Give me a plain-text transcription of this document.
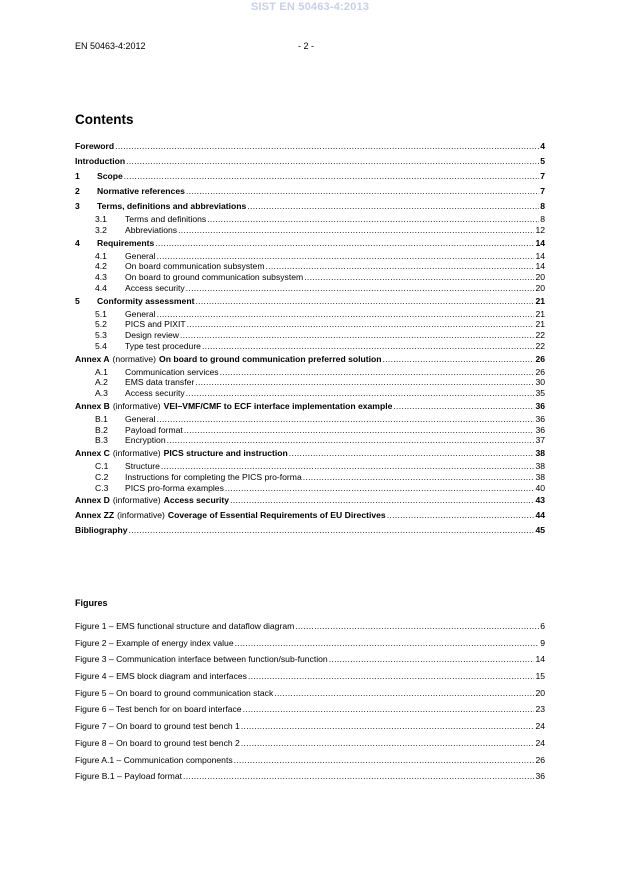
SIST EN 50463-4:2013
EN 50463-4:2012	- 2 -
Contents
Foreword .....	4
Introduction .....	5
1	Scope .....	7
2	Normative references .....	7
3	Terms, definitions and abbreviations .....	8
3.1	Terms and definitions .....	8
3.2	Abbreviations .....	12
4	Requirements .....	14
4.1	General .....	14
4.2	On board communication subsystem .....	14
4.3	On board to ground communication subsystem .....	20
4.4	Access security .....	20
5	Conformity assessment .....	21
5.1	General .....	21
5.2	PICS and PIXIT .....	21
5.3	Design review .....	22
5.4	Type test procedure .....	22
Annex A (normative) On board to ground communication preferred solution .....	26
A.1	Communication services .....	26
A.2	EMS data transfer .....	30
A.3	Access security .....	35
Annex B (informative) VEI–VMF/CMF to ECF interface implementation example .....	36
B.1	General .....	36
B.2	Payload format .....	36
B.3	Encryption .....	37
Annex C (informative) PICS structure and instruction .....	38
C.1	Structure .....	38
C.2	Instructions for completing the PICS pro-forma .....	38
C.3	PICS pro-forma examples .....	40
Annex D (informative) Access security .....	43
Annex ZZ (informative) Coverage of Essential Requirements of EU Directives .....	44
Bibliography .....	45
Figures
Figure 1 – EMS functional structure and dataflow diagram .....	6
Figure 2 – Example of energy index value .....	9
Figure 3 – Communication interface between function/sub-function .....	14
Figure 4 – EMS block diagram and interfaces .....	15
Figure 5 – On board to ground communication stack .....	20
Figure 6 – Test bench for on board interface .....	23
Figure 7 – On board to ground test bench 1 .....	24
Figure 8 – On board to ground test bench 2 .....	24
Figure A.1 – Communication components .....	26
Figure B.1 – Payload format .....	36
